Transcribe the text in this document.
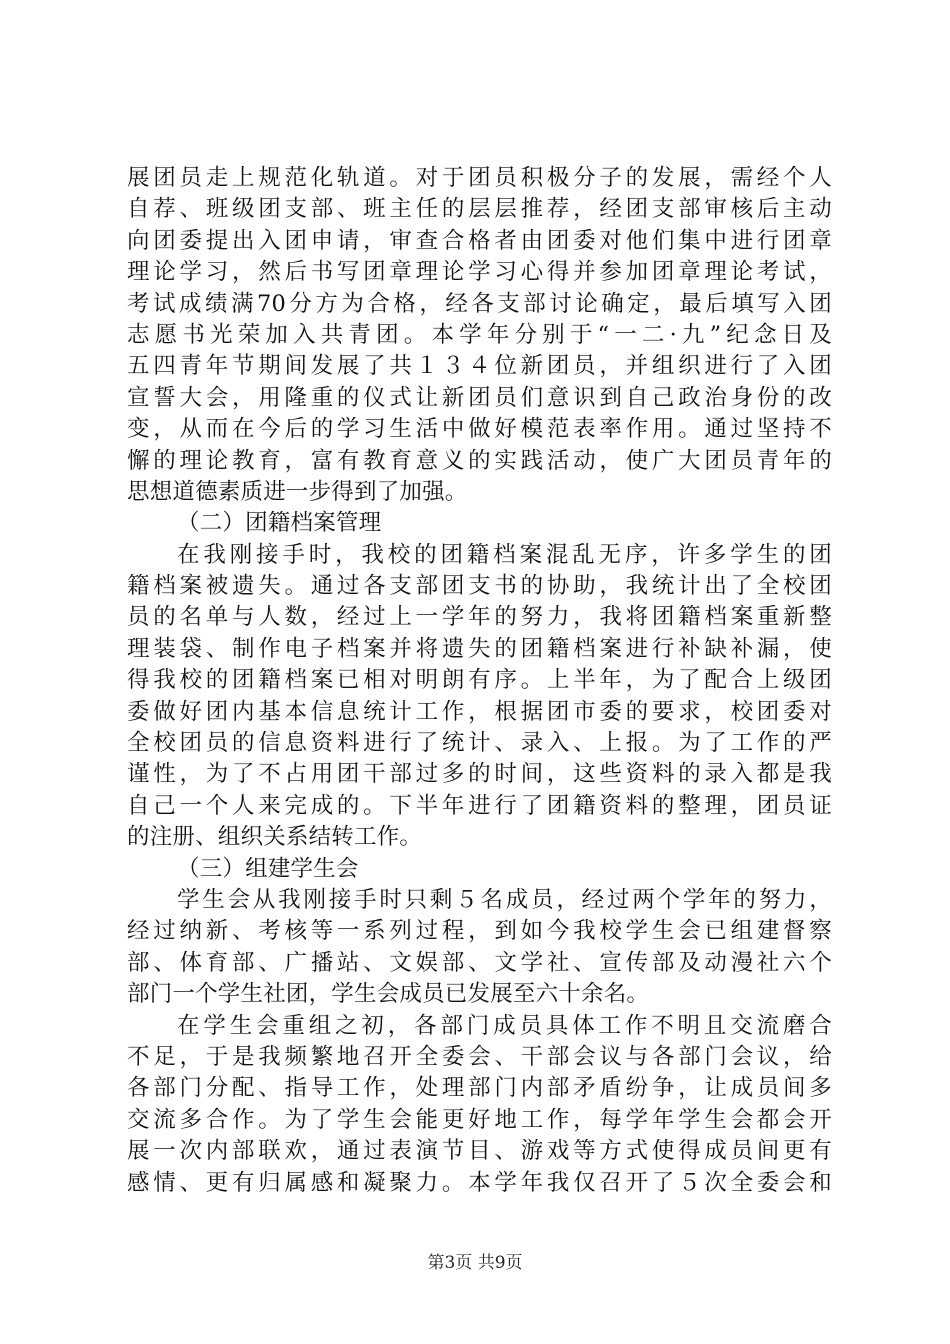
展团员走上规范化轨道。对于团员积极分子的发展，需经个人
自荐、班级团支部、班主任的层层推荐，经团支部审核后主动
向团委提出入团申请，审查合格者由团委对他们集中进行团章
理论学习，然后书写团章理论学习心得并参加团章理论考试，
考试成绩满70分方为合格，经各支部讨论确定，最后填写入团
志愿书光荣加入共青团。本学年分别于“一二·九”纪念日及
五四青年节期间发展了共１３４位新团员，并组织进行了入团
宣誓大会，用隆重的仪式让新团员们意识到自己政治身份的改
变，从而在今后的学习生活中做好模范表率作用。通过坚持不
懈的理论教育，富有教育意义的实践活动，使广大团员青年的
思想道德素质进一步得到了加强。
（二）团籍档案管理
在我刚接手时，我校的团籍档案混乱无序，许多学生的团
籍档案被遗失。通过各支部团支书的协助，我统计出了全校团
员的名单与人数，经过上一学年的努力，我将团籍档案重新整
理装袋、制作电子档案并将遗失的团籍档案进行补缺补漏，使
得我校的团籍档案已相对明朗有序。上半年，为了配合上级团
委做好团内基本信息统计工作，根据团市委的要求，校团委对
全校团员的信息资料进行了统计、录入、上报。为了工作的严
谨性，为了不占用团干部过多的时间，这些资料的录入都是我
自己一个人来完成的。下半年进行了团籍资料的整理，团员证
的注册、组织关系结转工作。
（三）组建学生会
学生会从我刚接手时只剩５名成员，经过两个学年的努力，
经过纳新、考核等一系列过程，到如今我校学生会已组建督察
部、体育部、广播站、文娱部、文学社、宣传部及动漫社六个
部门一个学生社团，学生会成员已发展至六十余名。
在学生会重组之初，各部门成员具体工作不明且交流磨合
不足，于是我频繁地召开全委会、干部会议与各部门会议，给
各部门分配、指导工作，处理部门内部矛盾纷争，让成员间多
交流多合作。为了学生会能更好地工作，每学年学生会都会开
展一次内部联欢，通过表演节目、游戏等方式使得成员间更有
感情、更有归属感和凝聚力。本学年我仅召开了５次全委会和
第3页 共9页
